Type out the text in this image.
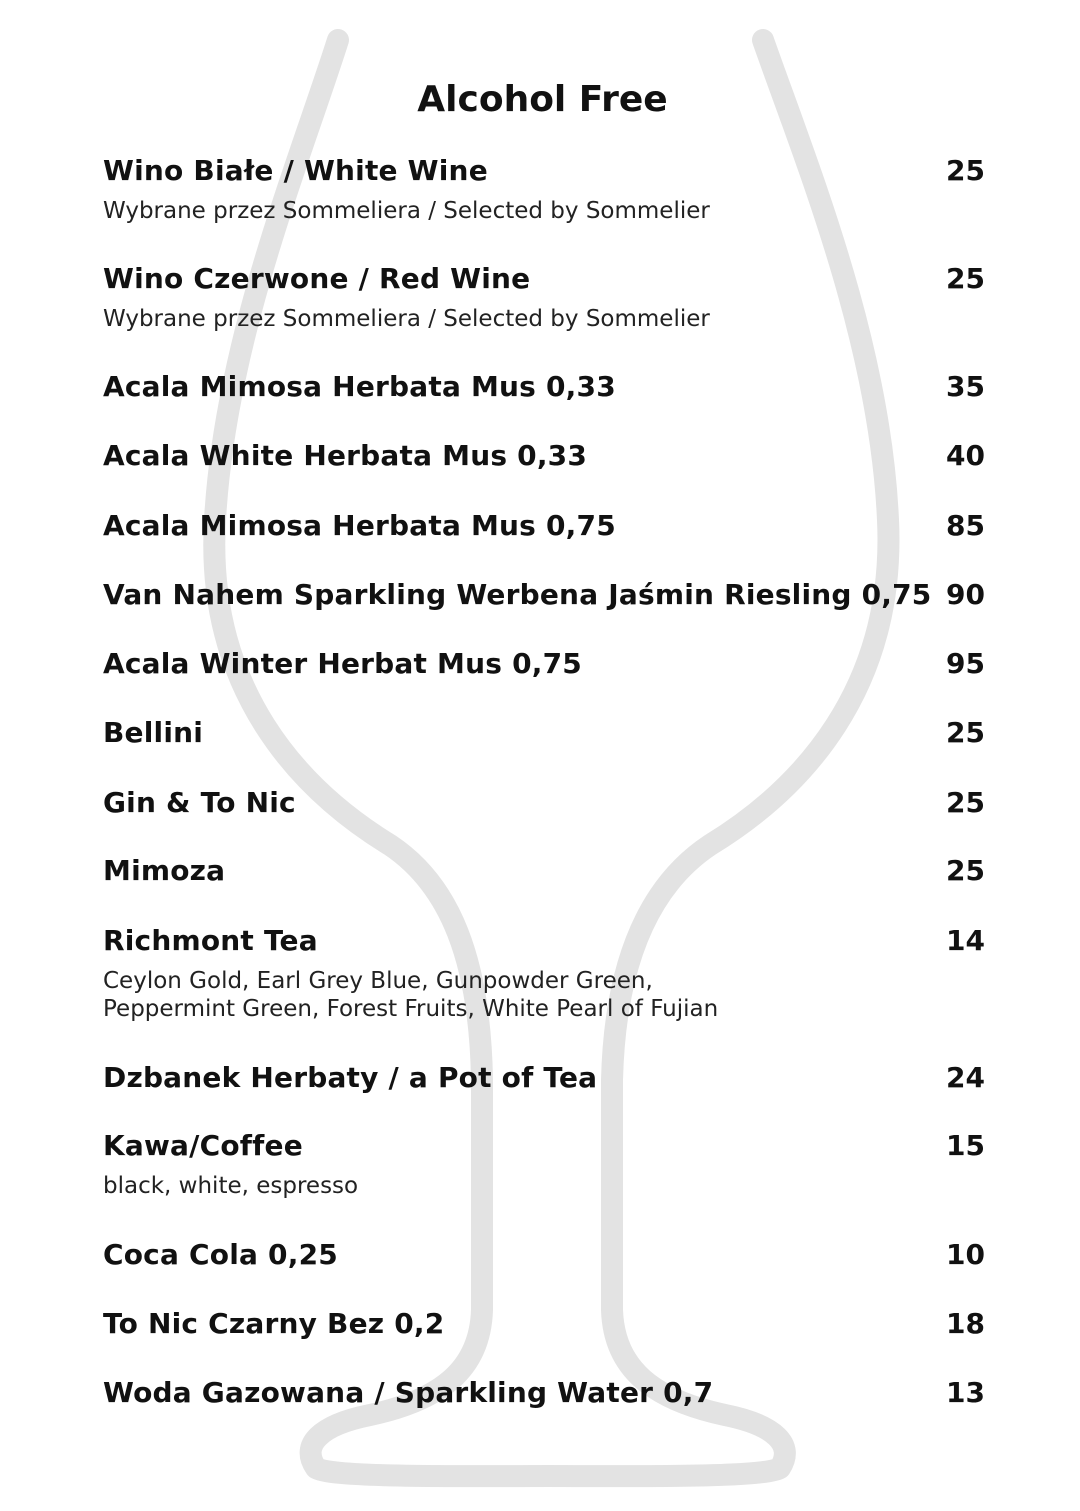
Alcohol Free
Wino Białe / White Wine	25
Wybrane przez Sommeliera / Selected by Sommelier
Wino Czerwone / Red Wine	25
Wybrane przez Sommeliera / Selected by Sommelier
Acala Mimosa Herbata Mus 0,33	35
Acala White Herbata Mus 0,33	40
Acala Mimosa Herbata Mus 0,75	85
Van Nahem Sparkling Werbena Jaśmin Riesling 0,75 90
Acala Winter Herbat Mus 0,75	95
Bellini	25
Gin & To Nic	25
Mimoza	25
Richmont Tea	14
Ceylon Gold, Earl Grey Blue, Gunpowder Green,
Peppermint Green, Forest Fruits, White Pearl of Fujian
Dzbanek Herbaty / a Pot of Tea	24
Kawa/Coffee	15
black, white, espresso
Coca Cola 0,25	10
To Nic Czarny Bez 0,2	18
Woda Gazowana / Sparkling Water 0,7	13
